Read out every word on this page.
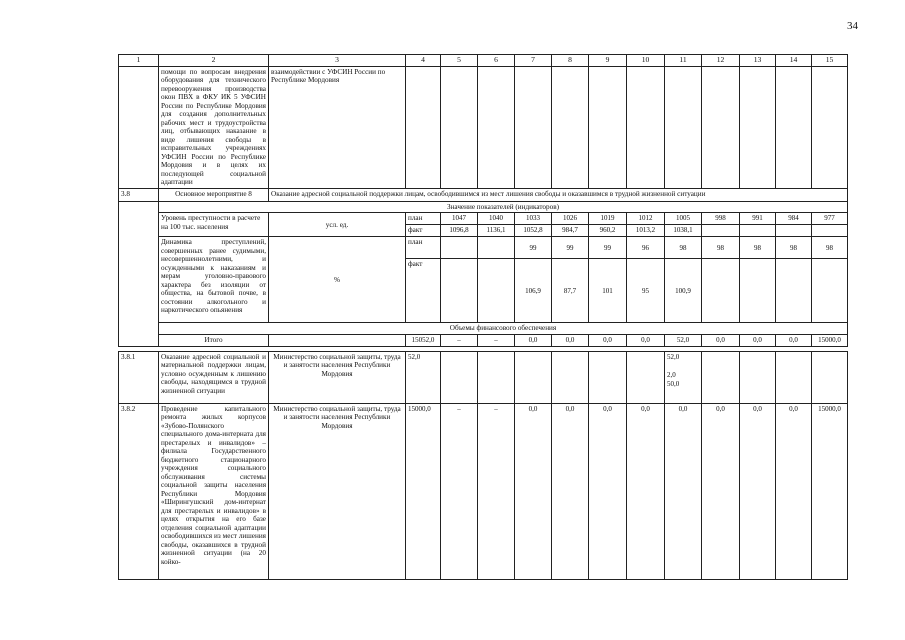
34
1	2	3	4	5	6	7	8	9	10	11	12	13	14	15
	помощи по вопросам внедрения оборудования для технического перевооружения производства окон ПВХ в ФКУ ИК 5 УФСИН России по Республике Мордовия для создания дополнительных рабочих мест и трудоустройства лиц, отбывающих наказание в виде лишения свободы в исправительных учреждениях УФСИН России по Республике Мордовия и в целях их последующей социальной адаптации	взаимодействии с УФСИН России по Республике Мордовия												
3.8	Основное мероприятие 8	Оказание адресной социальной поддержки лицам, освободившимся из мест лишения свободы и оказавшимся в трудной жизненной ситуации												
	Значение показателей (индикаторов)													
	Уровень преступности в расчете на 100 тыс. населения	усл. ед.	план	1047	1040	1033	1026	1019	1012	1005	998	991	984	977
			факт	1096,8	1136,1	1052,8	984,7	960,2	1013,2	1038,1				
	Динамика преступлений, совершенных ранее судимыми, несовершеннолетними, и осужденными к наказаниям и мерам уголовно-правового характера без изоляции от общества, на бытовой почве, в состоянии алкогольного и наркотического опьянения	%	план			99	99	99	96	98	98	98	98	98
			факт			106,9	87,7	101	95	100,9				
	Объемы финансового обеспечения													
	Итого		15052,0	–	–	0,0	0,0	0,0	0,0	52,0	0,0	0,0	0,0	15000,0
3.8.1	Оказание адресной социальной и материальной поддержки лицам, условно осужденным к лишению свободы, находящимся в трудной жизненной ситуации	Министерство социальной защиты, труда и занятости населения Республики Мордовия	52,0							52,0
2,0
50,0				

3.8.2	Проведение капитального ремонта жилых корпусов «Зубово-Полянского специального дома-интерната для престарелых и инвалидов» – филиала Государственного бюджетного стационарного учреждения социального обслуживания системы социальной защиты населения Республики Мордовия «Ширингушский дом-интернат для престарелых и инвалидов» в целях открытия на его базе отделения социальной адаптации освободившихся из мест лишения свободы, оказавшихся в трудной жизненной ситуации (на 20 койко-	Министерство социальной защиты, труда и занятости населения Республики Мордовия	15000,0	–	–	0,0	0,0	0,0	0,0	0,0	0,0	0,0	0,0	15000,0
